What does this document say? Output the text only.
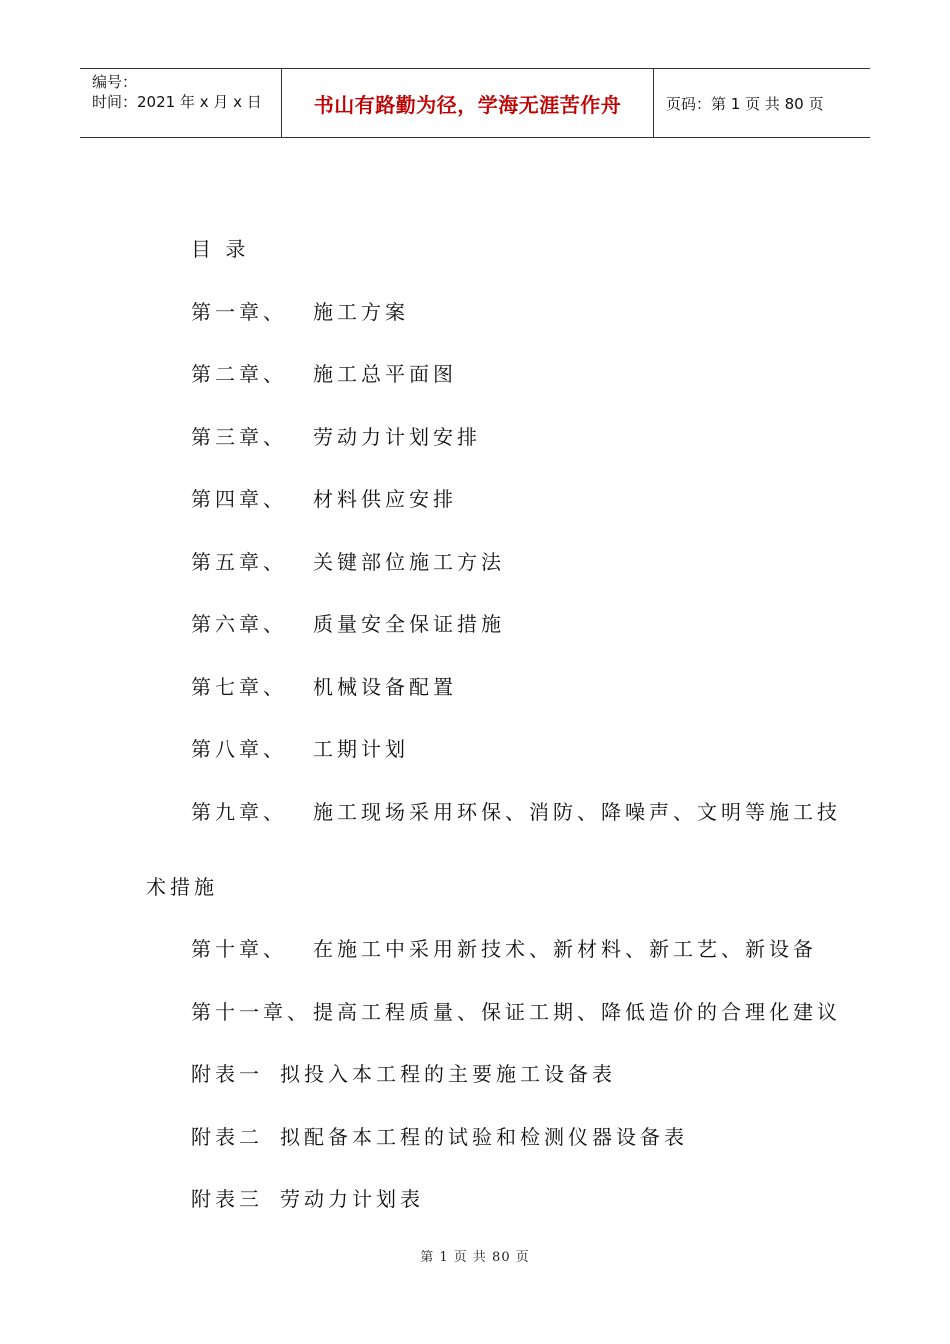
编号：
时间：2021 年 x 月 x 日	书山有路勤为径，学海无涯苦作舟	页码：第 1 页 共 80 页
目 录
第一章、 施工方案
第二章、 施工总平面图
第三章、 劳动力计划安排
第四章、 材料供应安排
第五章、 关键部位施工方法
第六章、 质量安全保证措施
第七章、 机械设备配置
第八章、 工期计划
第九章、 施工现场采用环保、消防、降噪声、文明等施工技
术措施
第十章、 在施工中采用新技术、新材料、新工艺、新设备
第十一章、 提高工程质量、保证工期、降低造价的合理化建议
附表一 拟投入本工程的主要施工设备表
附表二 拟配备本工程的试验和检测仪器设备表
附表三 劳动力计划表
第 1 页 共 80 页
